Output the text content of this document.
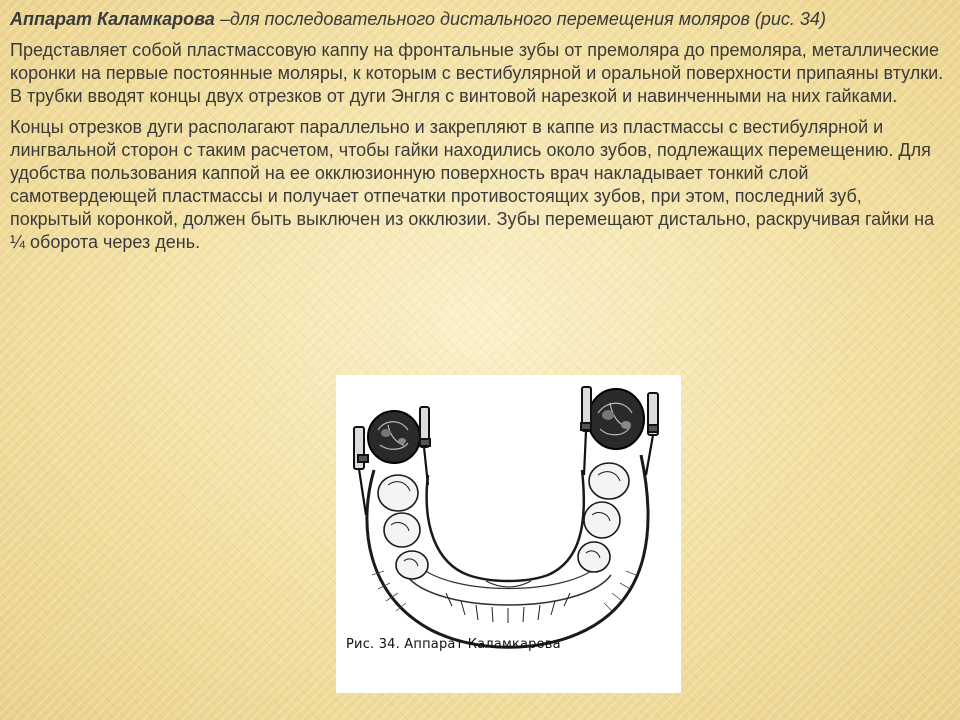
Аппарат Каламкарова –для последовательного дистального перемещения моляров (рис. 34)

Представляет собой пластмассовую каппу на фронтальные зубы от премоляра до премоляра, металлические коронки на первые постоянные моляры, к которым с вестибулярной и оральной поверхности припаяны втулки. В трубки вводят концы двух отрезков от дуги Энгля с винтовой нарезкой и навинченными на них гайками.

Концы отрезков дуги располагают параллельно и закрепляют в каппе из пластмассы с вестибулярной и лингвальной сторон с таким расчетом, чтобы гайки находились около зубов, подлежащих перемещению. Для удобства пользования каппой на ее окклюзионную поверхность врач накладывает тонкий слой самотвердеющей пластмассы и получает отпечатки противостоящих зубов, при этом, последний зуб, покрытый коронкой, должен быть выключен из окклюзии. Зубы перемещают дистально, раскручивая гайки на ¼ оборота через день.

Рис. 34. Аппарат Каламкарова
